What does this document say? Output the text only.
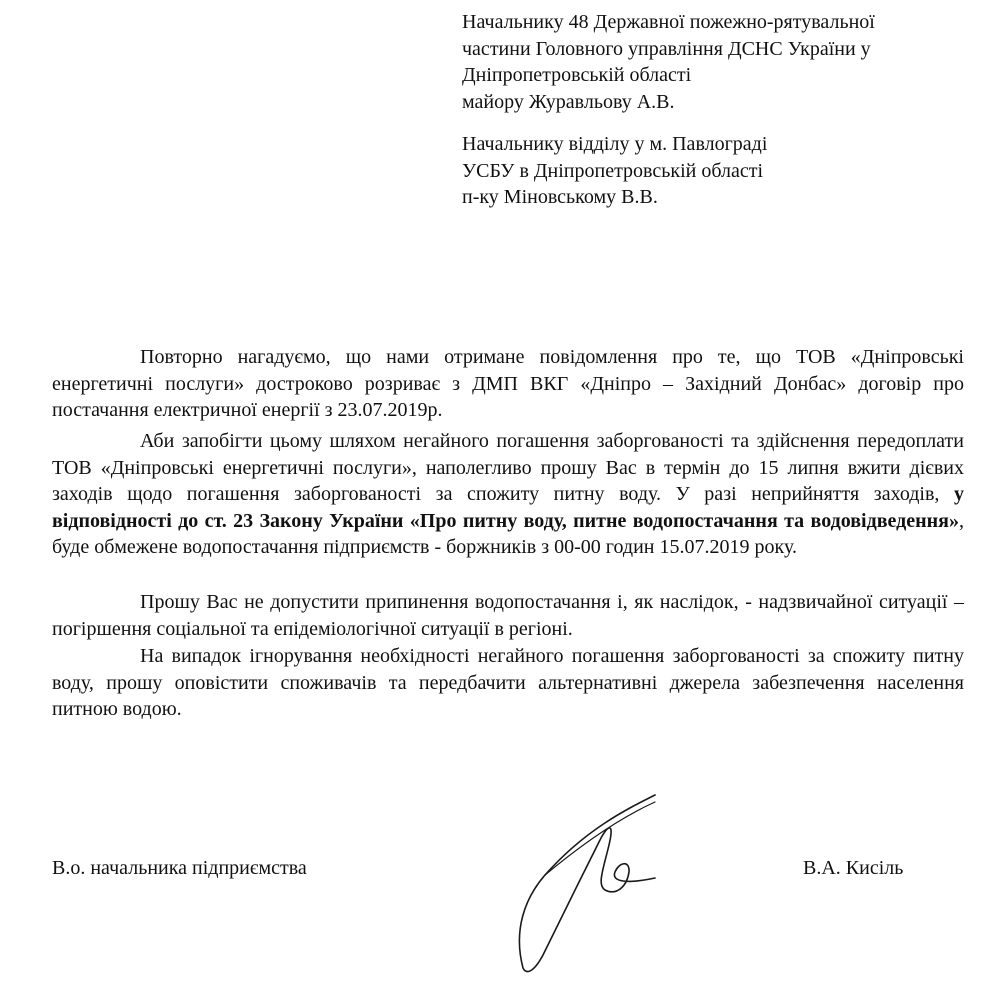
Начальнику 48 Державної пожежно-рятувальної
частини Головного управління ДСНС України у
Дніпропетровській області
майору Журавльову А.В.
Начальнику відділу у м. Павлограді
УСБУ в Дніпропетровській області
п-ку Міновському В.В.

Повторно нагадуємо, що нами отримане повідомлення про те, що ТОВ «Дніпровські енергетичні послуги» достроково розриває з ДМП ВКГ «Дніпро – Західний Донбас» договір про постачання електричної енергії з 23.07.2019р.

Аби запобігти цьому шляхом негайного погашення заборгованості та здійснення передоплати ТОВ «Дніпровські енергетичні послуги», наполегливо прошу Вас в термін до 15 липня вжити дієвих заходів щодо погашення заборгованості за спожиту питну воду. У разі неприйняття заходів, у відповідності до ст. 23 Закону України «Про питну воду, питне водопостачання та водовідведення», буде обмежене водопостачання підприємств - боржників з 00-00 годин 15.07.2019 року.

Прошу Вас не допустити припинення водопостачання і, як наслідок, - надзвичайної ситуації – погіршення соціальної та епідеміологічної ситуації в регіоні.

На випадок ігнорування необхідності негайного погашення заборгованості за спожиту питну воду, прошу оповістити споживачів та передбачити альтернативні джерела забезпечення населення питною водою.

В.о. начальника підприємства	В.А. Кисіль
